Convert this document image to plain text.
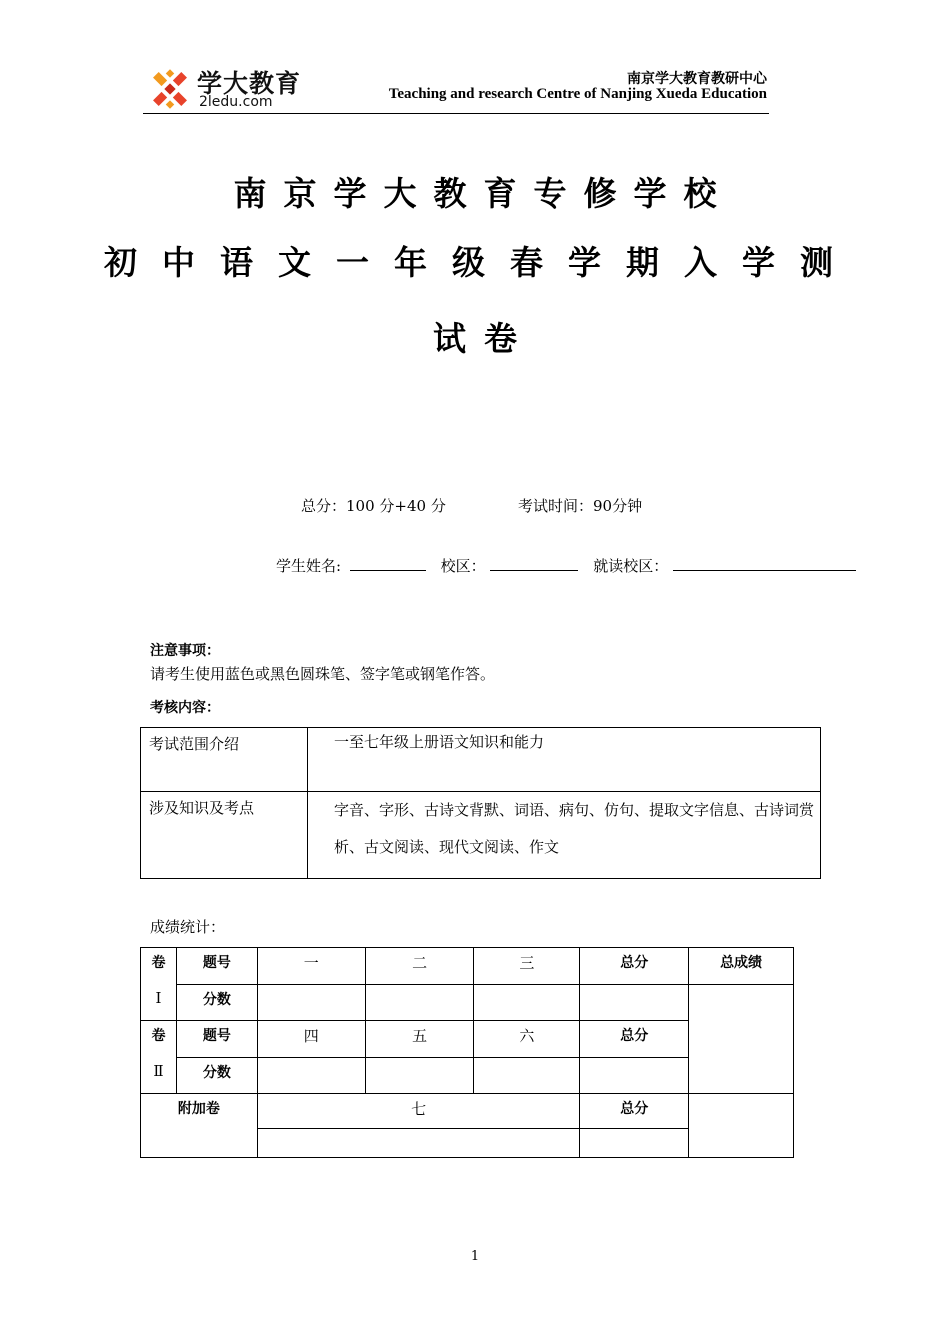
学大教育
2ledu.com
南京学大教育教研中心
Teaching and research Centre of Nanjing Xueda Education
南京学大教育专修学校
初中语文一年级春学期入学测
试卷
总分：100 分+40 分	考试时间：90分钟
学生姓名:	校区：	就读校区：
注意事项：
请考生使用蓝色或黑色圆珠笔、签字笔或钢笔作答。
考核内容：
考试范围介绍	一至七年级上册语文知识和能力
涉及知识及考点	字音、字形、古诗文背默、词语、病句、仿句、提取文字信息、古诗词赏析、古文阅读、现代文阅读、作文
成绩统计：
卷	题号	一	二	三	总分	总成绩
Ⅰ	分数					
卷	题号	四	五	六	总分	
Ⅱ	分数					
附加卷		七			总分	

1
